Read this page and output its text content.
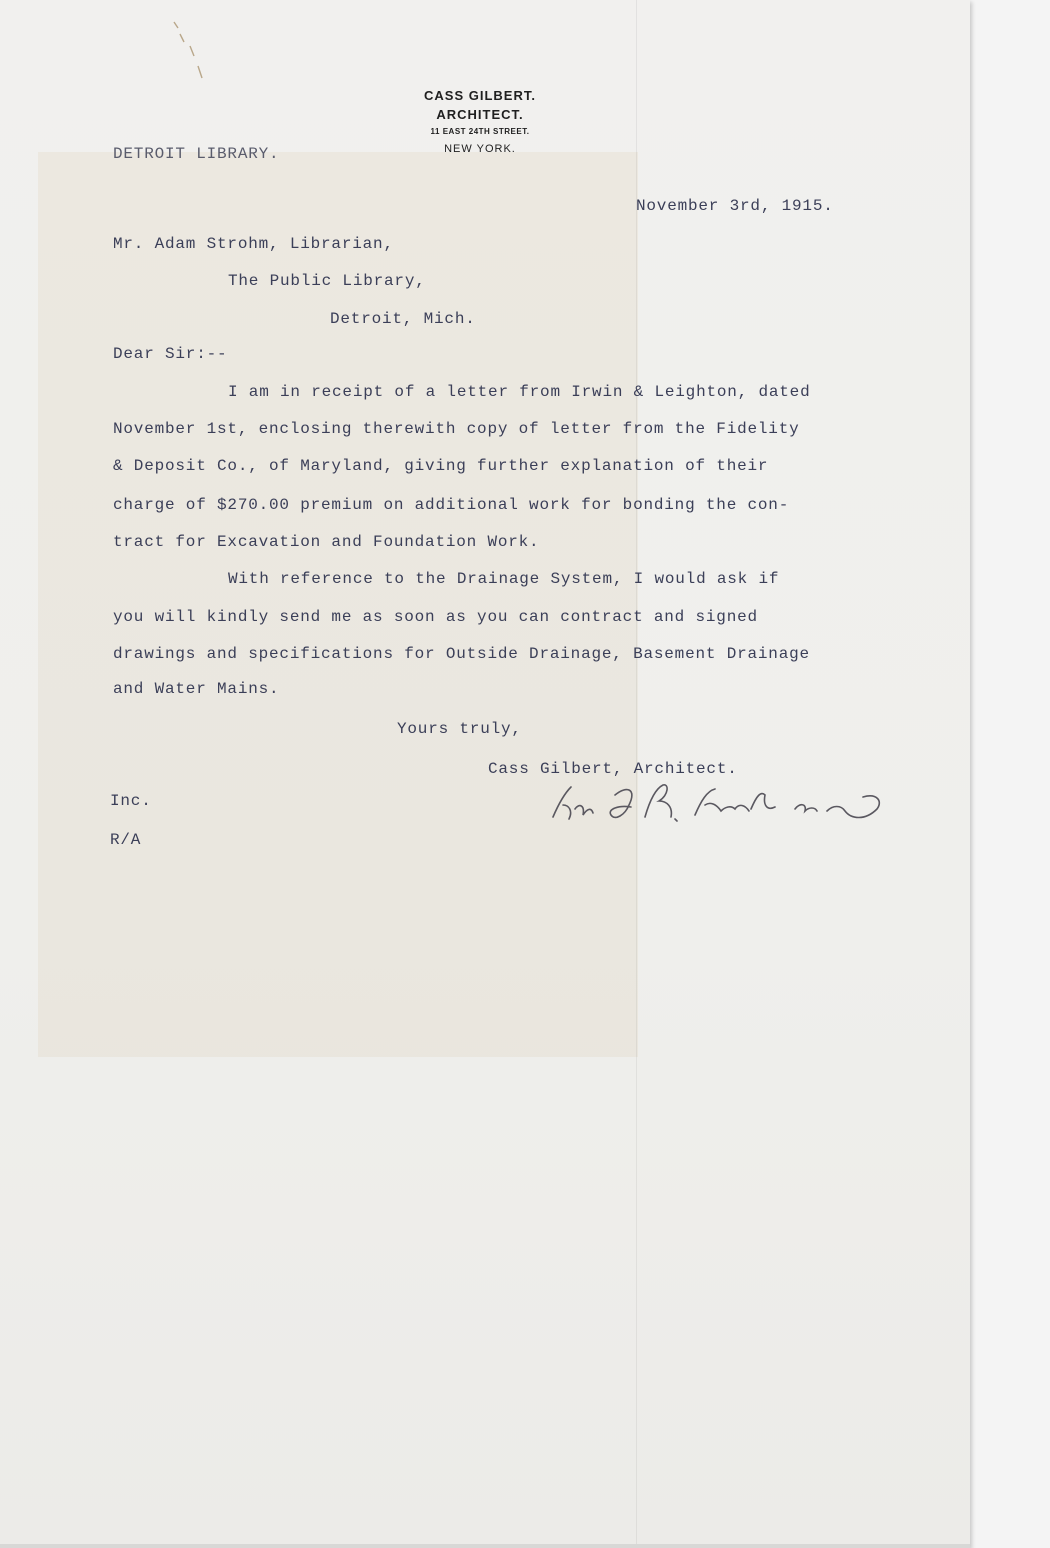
CASS GILBERT.
ARCHITECT.
11 EAST 24TH STREET.
NEW YORK.
DETROIT LIBRARY.
November 3rd, 1915.
Mr. Adam Strohm, Librarian,
The Public Library,
Detroit, Mich.
Dear Sir:--
I am in receipt of a letter from Irwin & Leighton, dated
November 1st, enclosing therewith copy of letter from the Fidelity
& Deposit Co., of Maryland, giving further explanation of their
charge of $270.00 premium on additional work for bonding the con-
tract for Excavation and Foundation Work.
With reference to the Drainage System, I would ask if
you will kindly send me as soon as you can contract and signed
drawings and specifications for Outside Drainage, Basement Drainage
and Water Mains.
Yours truly,
Cass Gilbert, Architect.
Inc.
R/A
